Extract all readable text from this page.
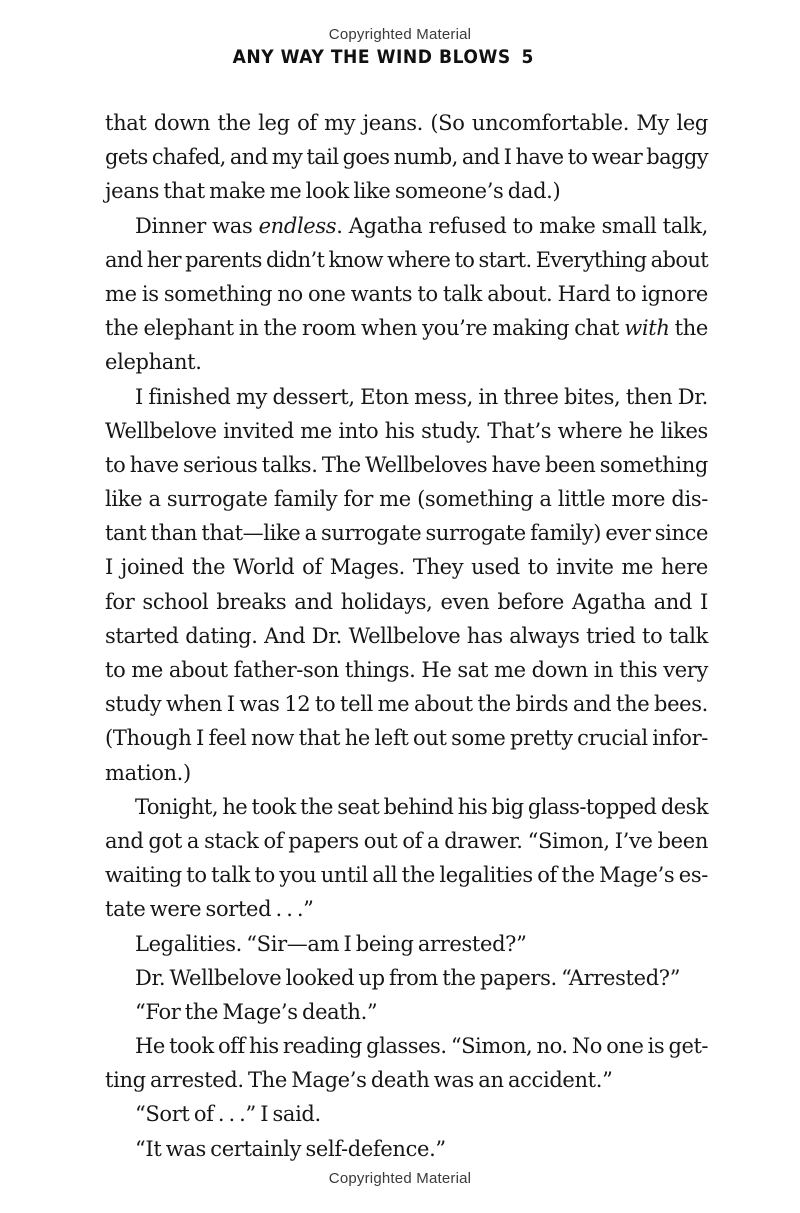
Copyrighted Material
ANY WAY THE WIND BLOWS 5
that down the leg of my jeans. (So uncomfortable. My leg
gets chafed, and my tail goes numb, and I have to wear baggy
jeans that make me look like someone’s dad.)
Dinner was endless. Agatha refused to make small talk,
and her parents didn’t know where to start. Everything about
me is something no one wants to talk about. Hard to ignore
the elephant in the room when you’re making chat with the
elephant.
I finished my dessert, Eton mess, in three bites, then Dr.
Wellbelove invited me into his study. That’s where he likes
to have serious talks. The Wellbeloves have been something
like a surrogate family for me (something a little more dis-
tant than that—like a surrogate surrogate family) ever since
I joined the World of Mages. They used to invite me here
for school breaks and holidays, even before Agatha and I
started dating. And Dr. Wellbelove has always tried to talk
to me about father-son things. He sat me down in this very
study when I was 12 to tell me about the birds and the bees.
(Though I feel now that he left out some pretty crucial infor-
mation.)
Tonight, he took the seat behind his big glass-topped desk
and got a stack of papers out of a drawer. “Simon, I’ve been
waiting to talk to you until all the legalities of the Mage’s es-
tate were sorted . . .”
Legalities. “Sir—am I being arrested?”
Dr. Wellbelove looked up from the papers. “Arrested?”
“For the Mage’s death.”
He took off his reading glasses. “Simon, no. No one is get-
ting arrested. The Mage’s death was an accident.”
“Sort of . . .” I said.
“It was certainly self-defence.”
Copyrighted Material
